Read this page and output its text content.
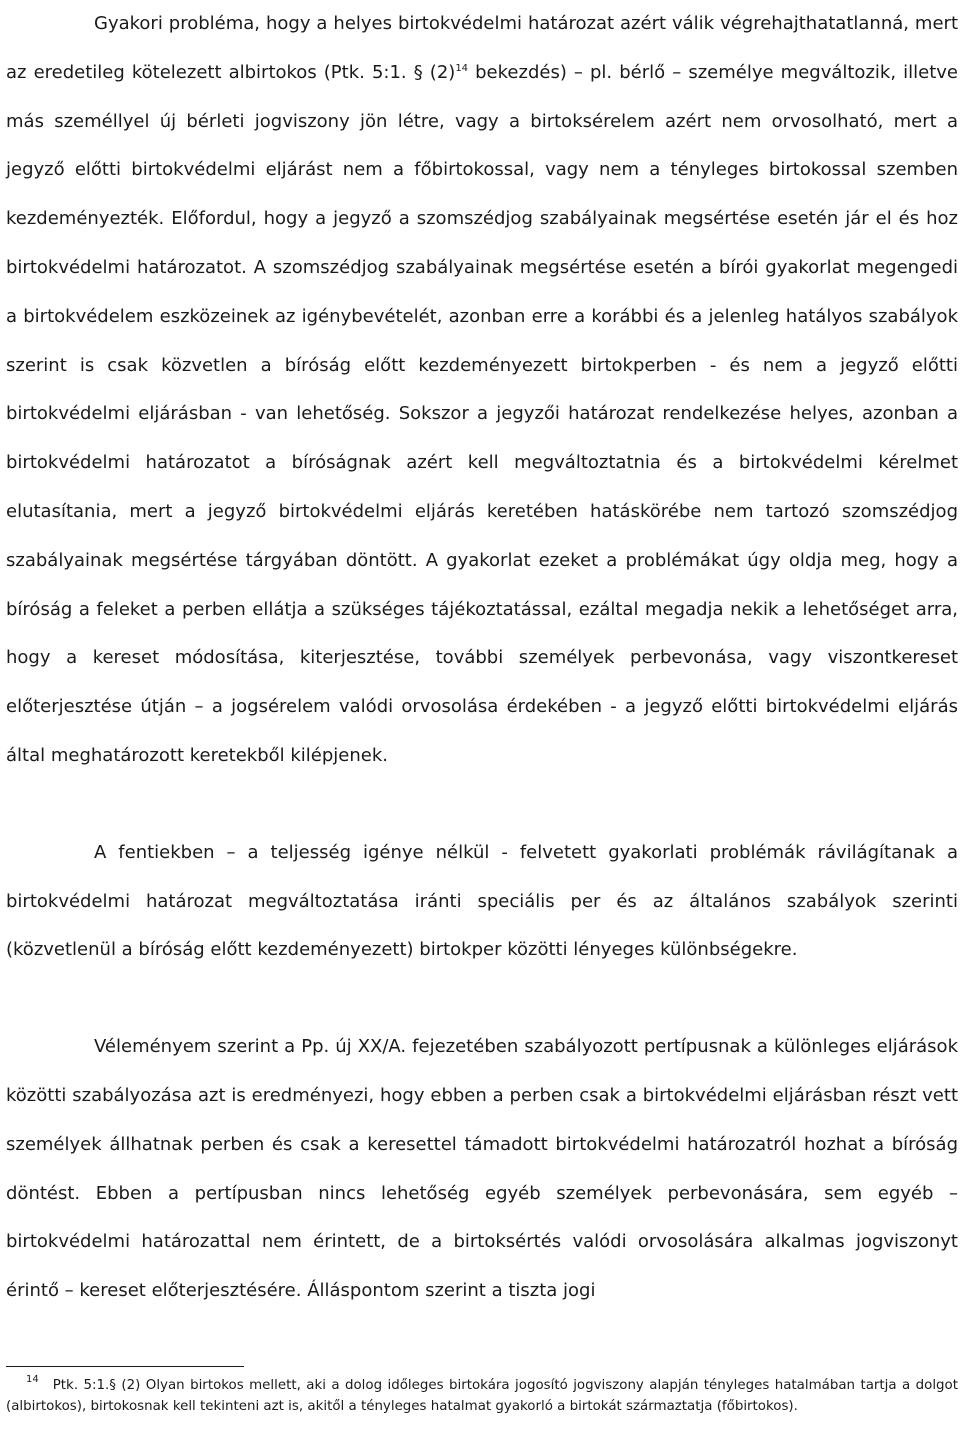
Gyakori probléma, hogy a helyes birtokvédelmi határozat azért válik végrehajthatatlanná, mert az eredetileg kötelezett albirtokos (Ptk. 5:1. § $(2)^{14}$ bekezdés) – pl. bérlő – személye megváltozik, illetve más személlyel új bérleti jogviszony jön létre, vagy a birtoksérelem azért nem orvosolható, mert a jegyző előtti birtokvédelmi eljárást nem a főbirtokossal, vagy nem a tényleges birtokossal szemben kezdeményezték. Előfordul, hogy a jegyző a szomszédjog szabályainak megsértése esetén jár el és hoz birtokvédelmi határozatot. A szomszédjog szabályainak megsértése esetén a bírói gyakorlat megengedi a birtokvédelem eszközeinek az igénybevételét, azonban erre a korábbi és a jelenleg hatályos szabályok szerint is csak közvetlen a bíróság előtt kezdeményezett birtokperben - és nem a jegyző előtti birtokvédelmi eljárásban - van lehetőség. Sokszor a jegyzői határozat rendelkezése helyes, azonban a birtokvédelmi határozatot a bíróságnak azért kell megváltoztatnia és a birtokvédelmi kérelmet elutasítania, mert a jegyző birtokvédelmi eljárás keretében hatáskörébe nem tartozó szomszédjog szabályainak megsértése tárgyában döntött. A gyakorlat ezeket a problémákat úgy oldja meg, hogy a bíróság a feleket a perben ellátja a szükséges tájékoztatással, ezáltal megadja nekik a lehetőséget arra, hogy a kereset módosítása, kiterjesztése, további személyek perbevonása, vagy viszontkereset előterjesztése útján – a jogsérelem valódi orvosolása érdekében - a jegyző előtti birtokvédelmi eljárás által meghatározott keretekből kilépjenek.

A fentiekben – a teljesség igénye nélkül - felvetett gyakorlati problémák rávilágítanak a birtokvédelmi határozat megváltoztatása iránti speciális per és az általános szabályok szerinti (közvetlenül a bíróság előtt kezdeményezett) birtokper közötti lényeges különbségekre.

Véleményem szerint a Pp. új XX/A. fejezetében szabályozott pertípusnak a különleges eljárások közötti szabályozása azt is eredményezi, hogy ebben a perben csak a birtokvédelmi eljárásban részt vett személyek állhatnak perben és csak a keresettel támadott birtokvédelmi határozatról hozhat a bíróság döntést. Ebben a pertípusban nincs lehetőség egyéb személyek perbevonására, sem egyéb – birtokvédelmi határozattal nem érintett, de a birtoksértés valódi orvosolására alkalmas jogviszonyt érintő – kereset előterjesztésére. Álláspontom szerint a tiszta jogi

$^{14}$ Ptk. 5:1.§ (2) Olyan birtokos mellett, aki a dolog időleges birtokára jogosító jogviszony alapján tényleges hatalmában tartja a dolgot (albirtokos), birtokosnak kell tekinteni azt is, akitől a tényleges hatalmat gyakorló a birtokát származtatja (főbirtokos).
